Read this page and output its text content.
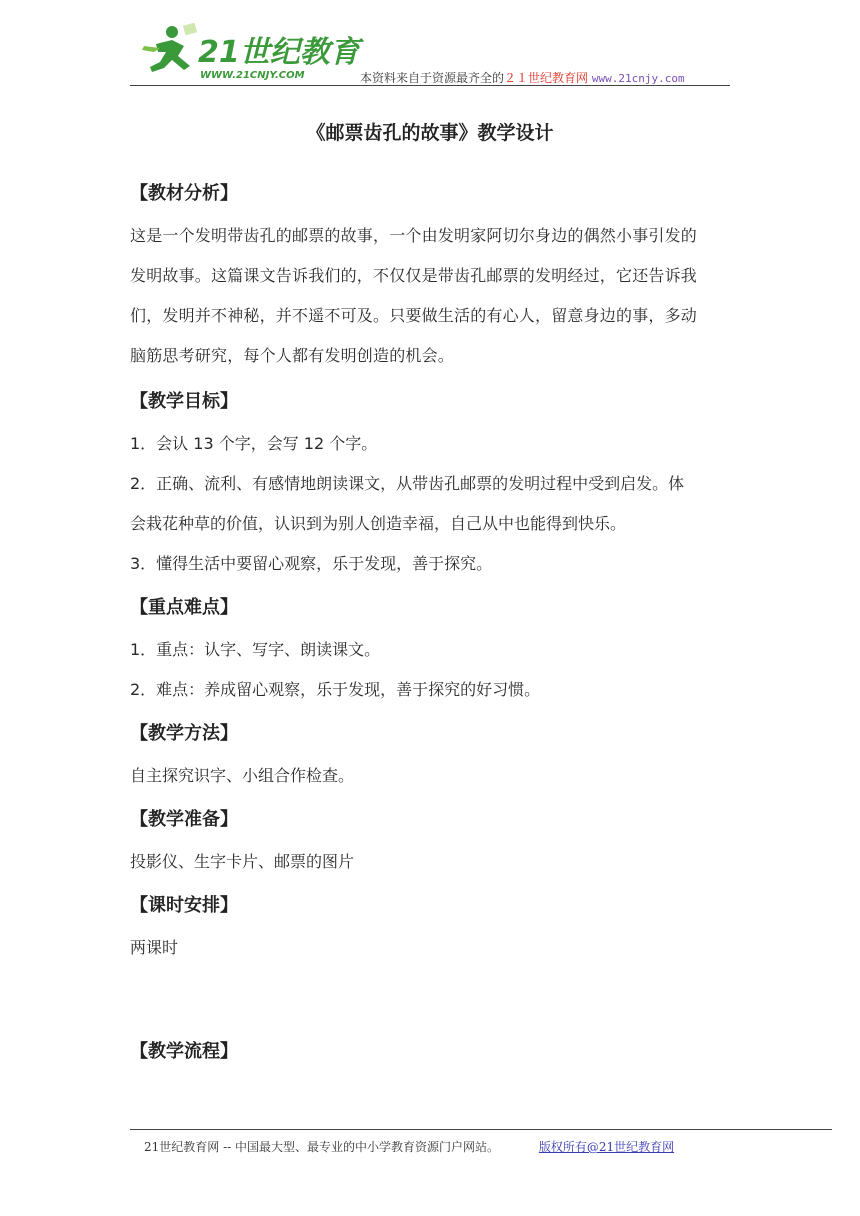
21世纪教育
WWW.21CNJY.COM	本资料来自于资源最齐全的２１世纪教育网 www.21cnjy.com
《邮票齿孔的故事》教学设计

【教材分析】

这是一个发明带齿孔的邮票的故事，一个由发明家阿切尔身边的偶然小事引发的

发明故事。这篇课文告诉我们的，不仅仅是带齿孔邮票的发明经过，它还告诉我

们，发明并不神秘，并不遥不可及。只要做生活的有心人，留意身边的事，多动

脑筋思考研究，每个人都有发明创造的机会。

【教学目标】

1．会认 13 个字，会写 12 个字。

2．正确、流利、有感情地朗读课文，从带齿孔邮票的发明过程中受到启发。体

会栽花种草的价值，认识到为别人创造幸福，自己从中也能得到快乐。

3．懂得生活中要留心观察，乐于发现，善于探究。

【重点难点】

1．重点：认字、写字、朗读课文。

2．难点：养成留心观察，乐于发现，善于探究的好习惯。

【教学方法】

自主探究识字、小组合作检查。

【教学准备】

投影仪、生字卡片、邮票的图片

【课时安排】

两课时

【教学流程】

21世纪教育网 -- 中国最大型、最专业的中小学教育资源门户网站。	版权所有@21世纪教育网
